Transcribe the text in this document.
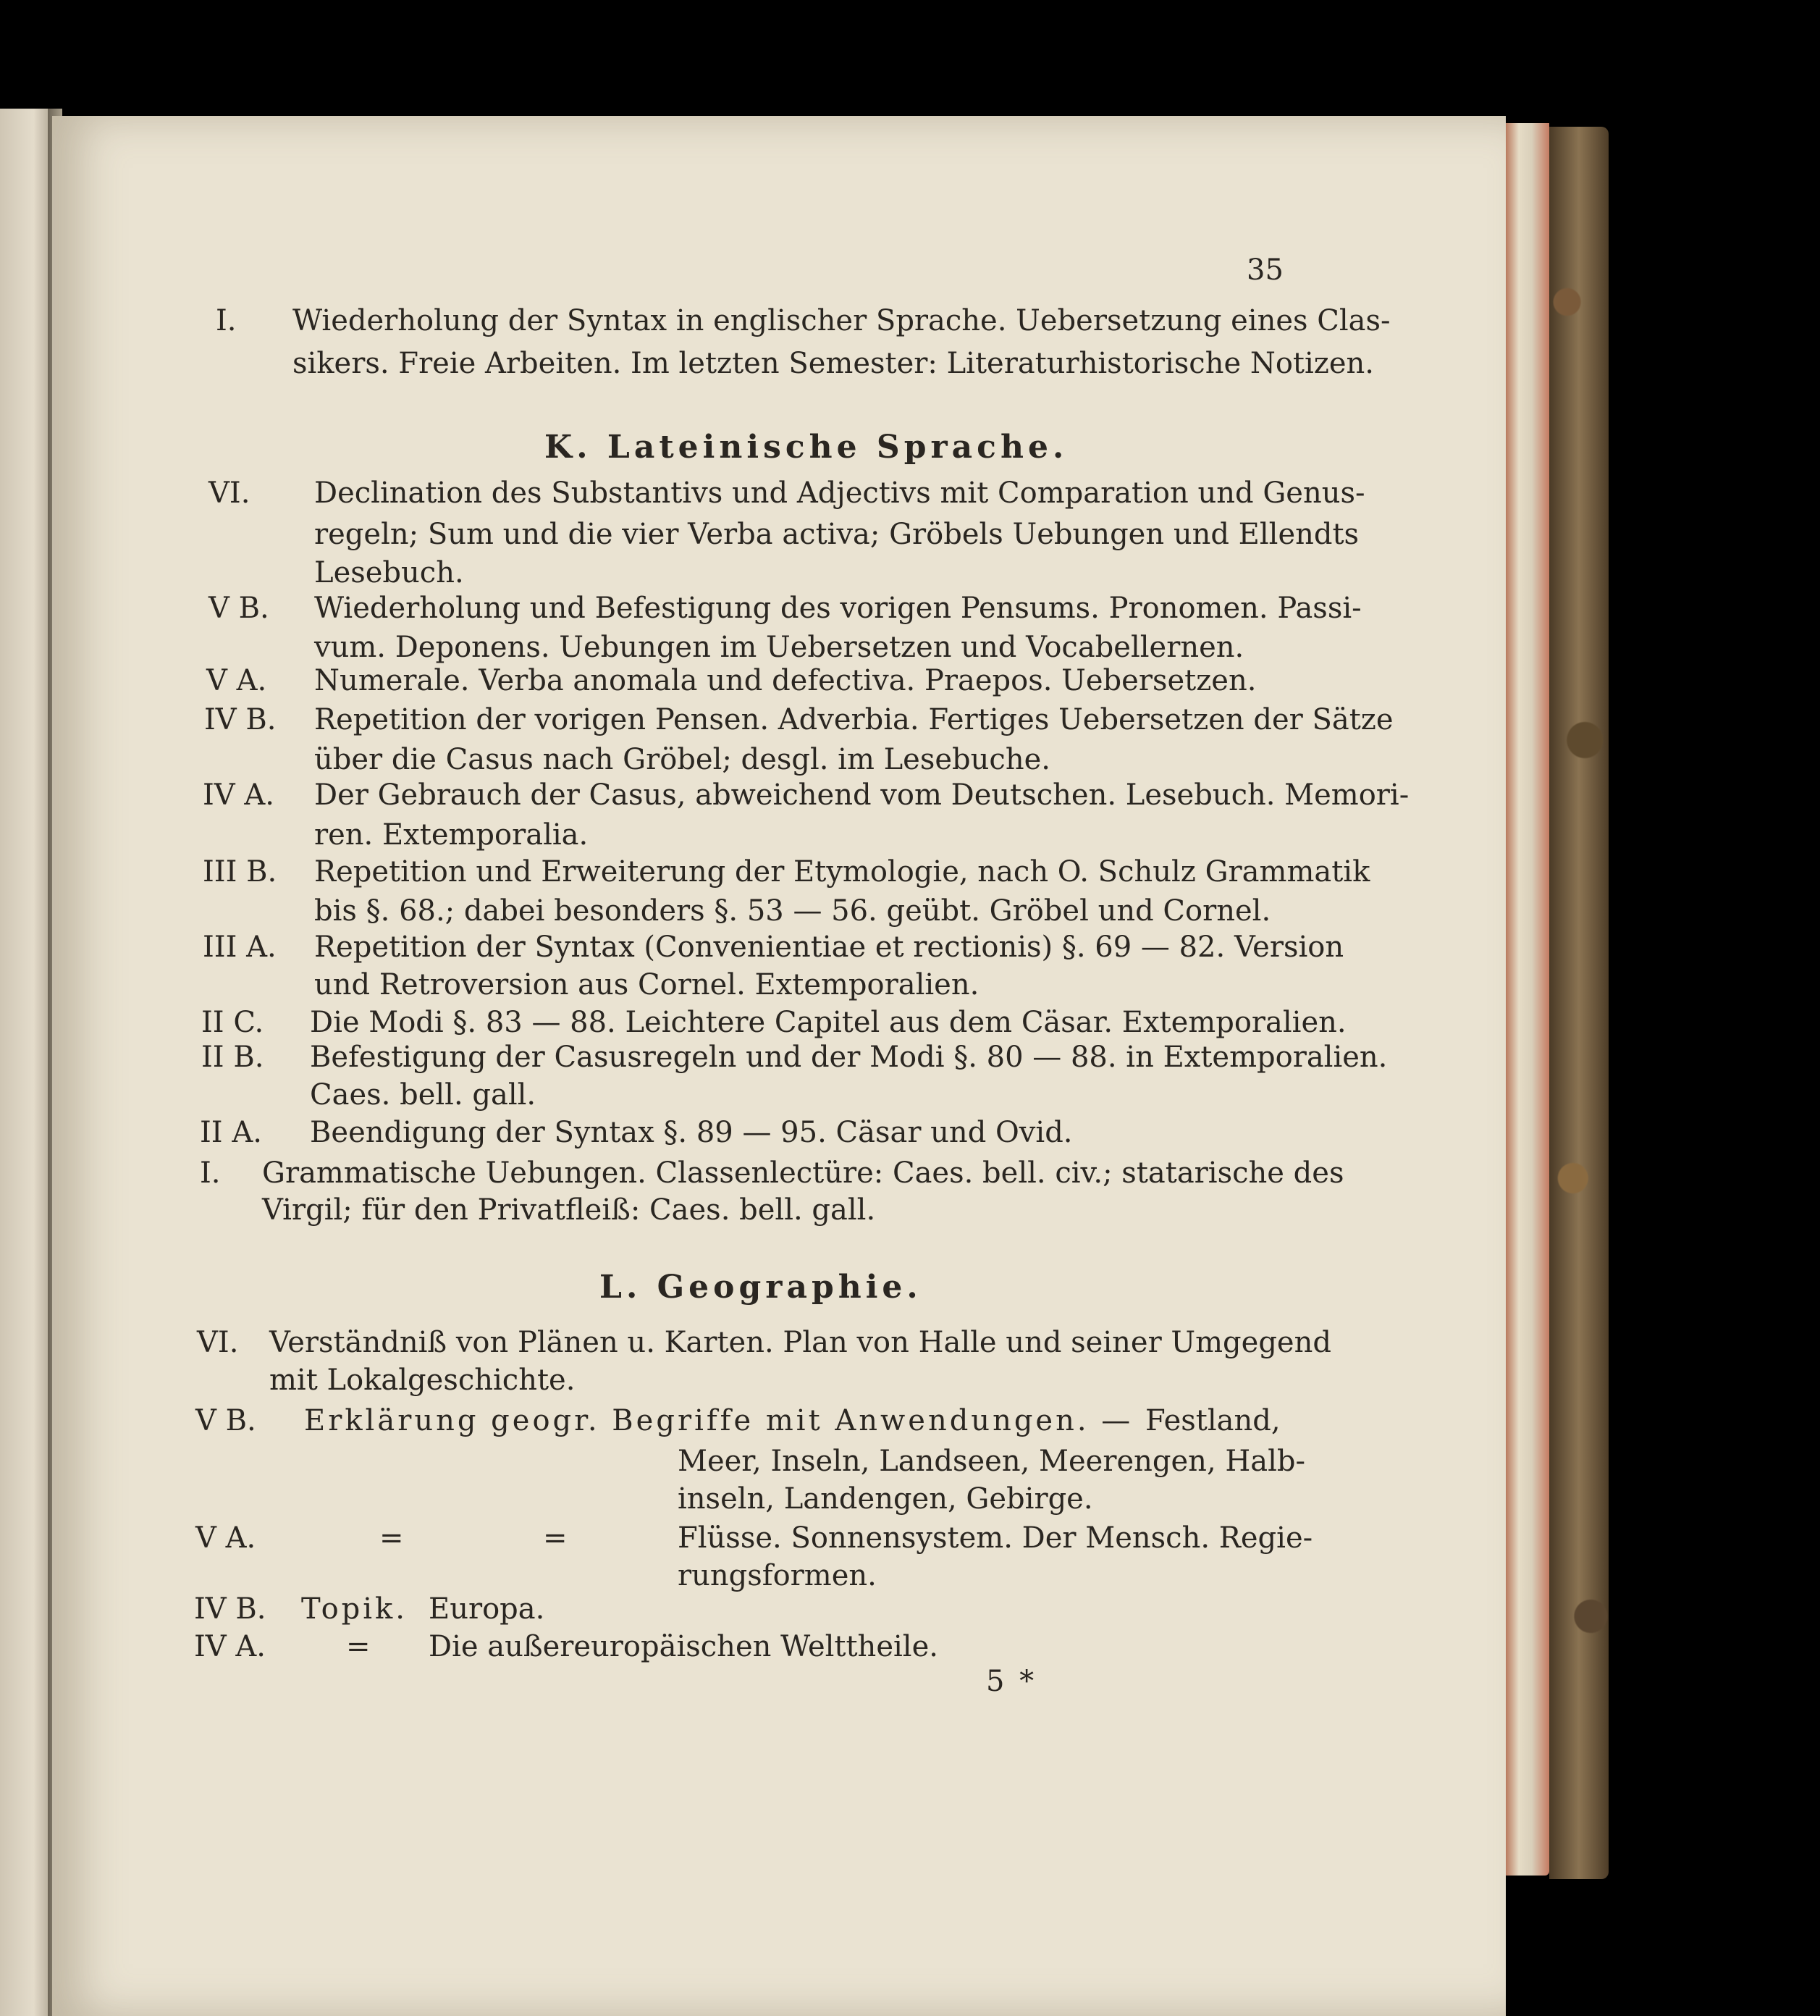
35
I. Wiederholung der Syntax in englischer Sprache. Uebersetzung eines Clas-
sikers. Freie Arbeiten. Im letzten Semester: Literaturhistorische Notizen.
K. Lateinische Sprache.
VI. Declination des Substantivs und Adjectivs mit Comparation und Genus-
regeln; Sum und die vier Verba activa; Gröbels Uebungen und Ellendts
Lesebuch.
V B. Wiederholung und Befestigung des vorigen Pensums. Pronomen. Passi-
vum. Deponens. Uebungen im Uebersetzen und Vocabellernen.
V A. Numerale. Verba anomala und defectiva. Praepos. Uebersetzen.
IV B. Repetition der vorigen Pensen. Adverbia. Fertiges Uebersetzen der Sätze
über die Casus nach Gröbel; desgl. im Lesebuche.
IV A. Der Gebrauch der Casus, abweichend vom Deutschen. Lesebuch. Memori-
ren. Extemporalia.
III B. Repetition und Erweiterung der Etymologie, nach O. Schulz Grammatik
bis §. 68.; dabei besonders §. 53 — 56. geübt. Gröbel und Cornel.
III A. Repetition der Syntax (Convenientiae et rectionis) §. 69 — 82. Version
und Retroversion aus Cornel. Extemporalien.
II C. Die Modi §. 83 — 88. Leichtere Capitel aus dem Cäsar. Extemporalien.
II B. Befestigung der Casusregeln und der Modi §. 80 — 88. in Extemporalien.
Caes. bell. gall.
II A. Beendigung der Syntax §. 89 — 95. Cäsar und Ovid.
I. Grammatische Uebungen. Classenlectüre: Caes. bell. civ.; statarische des
Virgil; für den Privatfleiß: Caes. bell. gall.
L. Geographie.
VI. Verständniß von Plänen u. Karten. Plan von Halle und seiner Umgegend
mit Lokalgeschichte.
V B. Erklärung geogr. Begriffe mit Anwendungen. — Festland,
Meer, Inseln, Landseen, Meerengen, Halb-
inseln, Landengen, Gebirge.
V A.	=	=	Flüsse. Sonnensystem. Der Mensch. Regie-
rungsformen.
IV B. Topik. Europa.
IV A.	= Die außereuropäischen Welttheile.
5 *
